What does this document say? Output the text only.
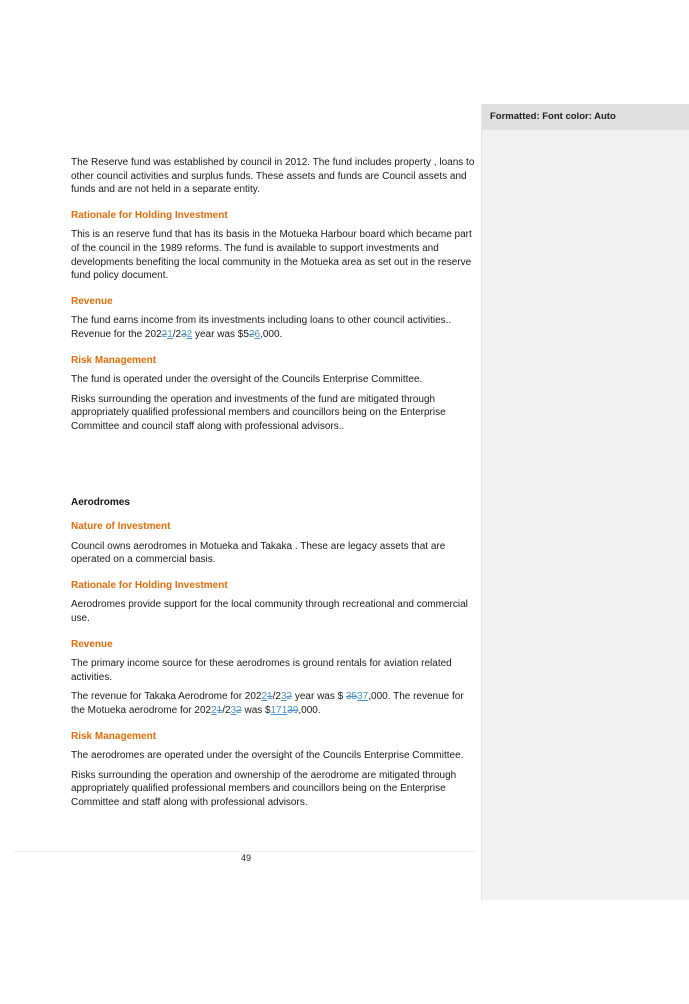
Formatted: Font color: Auto

The Reserve fund was established by council in 2012. The fund includes property , loans to other council activities and surplus funds. These assets and funds are Council assets and funds and are not held in a separate entity.

Rationale for Holding Investment

This is an reserve fund that has its basis in the Motueka Harbour board which became part of the council in the 1989 reforms. The fund is available to support investments and developments benefiting the local community in the Motueka area as set out in the reserve fund policy document.

Revenue

The fund earns income from its investments including loans to other council activities..

Revenue for the 20221/232 year was $526,000.

Risk Management

The fund is operated under the oversight of the Councils Enterprise Committee.

Risks surrounding the operation and investments of the fund are mitigated through appropriately qualified professional members and councillors being on the Enterprise Committee and council staff along with professional advisors..

Aerodromes

Nature of Investment

Council owns aerodromes in Motueka and Takaka . These are legacy assets that are operated on a commercial basis.

Rationale for Holding Investment

Aerodromes provide support for the local community through recreational and commercial use.

Revenue

The primary income source for these aerodromes is ground rentals for aviation related activities.

The revenue for Takaka Aerodrome for 20221/232 year was $ 3537,000. The revenue for the Motueka aerodrome for 20221/232 was $17139,000.

Risk Management

The aerodromes are operated under the oversight of the Councils Enterprise Committee.

Risks surrounding the operation and ownership of the aerodrome are mitigated through appropriately qualified professional members and councillors being on the Enterprise Committee and staff along with professional advisors.

49
